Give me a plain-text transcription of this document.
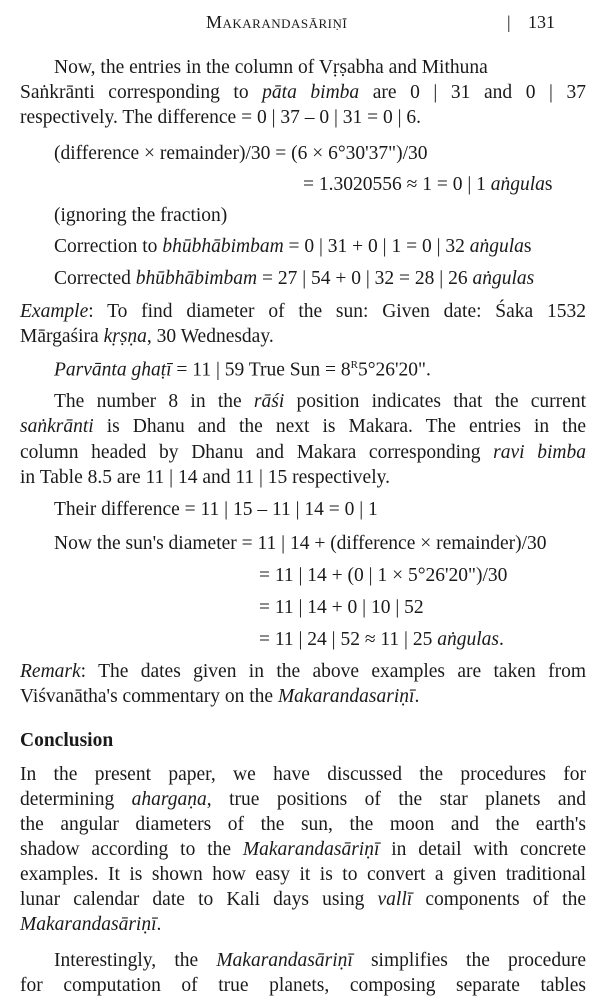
Makarandasāriṇī	| 131
Now, the entries in the column of Vṛṣabha and Mithuna
Saṅkrānti corresponding to pāta bimba are 0 | 31 and 0 | 37
respectively. The difference = 0 | 37 – 0 | 31 = 0 | 6.
(difference × remainder)/30 = (6 × 6°30'37")/30
= 1.3020556 ≈ 1 = 0 | 1 aṅgulas
(ignoring the fraction)
Correction to bhūbhābimbam = 0 | 31 + 0 | 1 = 0 | 32 aṅgulas
Corrected bhūbhābimbam = 27 | 54 + 0 | 32 = 28 | 26 aṅgulas
Example: To find diameter of the sun: Given date: Śaka 1532
Mārgaśira kṛṣṇa, 30 Wednesday.
Parvānta ghaṭī = 11 | 59 True Sun = $8^R5^\circ 26'20$".
The number 8 in the rāśi position indicates that the current
saṅkrānti is Dhanu and the next is Makara. The entries in the
column headed by Dhanu and Makara corresponding ravi bimba
in Table 8.5 are 11 | 14 and 11 | 15 respectively.
Their difference = 11 | 15 – 11 | 14 = 0 | 1
Now the sun's diameter = 11 | 14 + (difference × remainder)/30
= 11 | 14 + (0 | 1 × 5°26'20")/30
= 11 | 14 + 0 | 10 | 52
= 11 | 24 | 52 ≈ 11 | 25 aṅgulas.
Remark: The dates given in the above examples are taken from
Viśvanātha's commentary on the Makarandasariṇī.
Conclusion
In the present paper, we have discussed the procedures for
determining ahargaṇa, true positions of the star planets and
the angular diameters of the sun, the moon and the earth's
shadow according to the Makarandasāriṇī in detail with concrete
examples. It is shown how easy it is to convert a given traditional
lunar calendar date to Kali days using vallī components of the
Makarandasāriṇī.
Interestingly, the Makarandasāriṇī simplifies the procedure
for computation of true planets, composing separate tables
